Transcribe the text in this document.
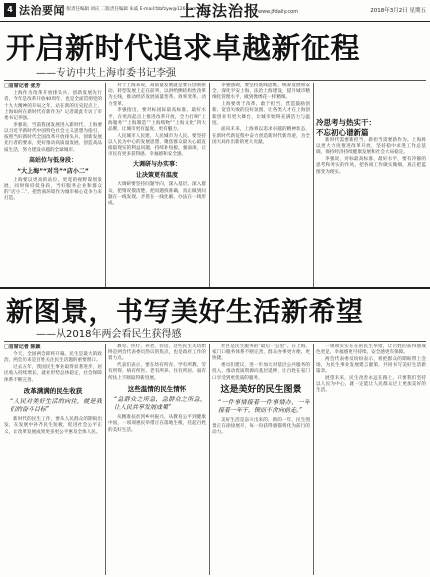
4 法治要闻
一版责任编辑 刘庆 二版责任编辑 朱戚 E-mail:fzbfzyw@126.com
上海法治报
www.jfdaily.com	2018年3月2日 星期五
开启新时代追求卓越新征程
——专访中共上海市委书记李强
□首席记者 张芳

上海作为改革开放排头兵、创新发展先行者，今年是改革开放40周年，也是全面贯彻党的十九大精神的开局之年。站在新的历史起点上，上海如何在新时代有新作为？记者就此专访了市委书记李强。

李强说，当前我国发展进入新时代，上海要以习近平新时代中国特色社会主义思想为指引，按照当好新时代全国改革开放排头兵、创新发展先行者的要求，更好推动高质量发展、创造高品质生活，努力建设卓越的全球城市。

高站位与低身段：
“大上海”“对当”“店小二”

上海要以更高的站位、更宽的视野谋划发展，同时保持低身段，当好服务企业和群众的“店小二”，把营商环境作为城市核心竞争力来打造。

对于上海来说，高质量发展就是要在创新驱动、转型发展上走在前列，以供给侧结构性改革为主线，推动经济发展质量变革、效率变革、动力变革。

李强指出，要对标国际最高标准、最好水平，在更高起点上推进改革开放，全力打响“上海服务”“上海制造”“上海购物”“上海文化”四大品牌，让城市更有温度、更有魅力。

人民城市人民建，人民城市为人民。要坚持以人民为中心的发展思想，聚焦群众最关心最直接最现实的利益问题，持续补短板、强弱项，让市民有更多获得感、幸福感和安全感。

大调研与办实事：
让决策更有温度

大调研要坚持问题导向，深入基层、深入群众，把情况摸清楚、把问题找准确，真正做到问题在一线发现、矛盾在一线化解、办法在一线形成。

李强强调，要坚持底线思维，统筹发展和安全，深化平安上海、法治上海建设，提升城市精细化管理水平，做到像绣花一样精细。

上海要勇于改革、敢于担当，营造鼓励创新、宽容失败的良好氛围，让各类人才在上海创新创业有更大舞台，让城市始终充满活力与温度。

面向未来，上海将以追求卓越的精神状态，在新时代新征程中奋力创造新时代新奇迹，为全国大局作出新的更大贡献。

冷思考与热实干：
不忘初心谱新篇

新时代需要新担当，新担当需要新作为。上海将以更大力度推进改革开放，坚持稳中求进工作总基调，保持经济持续健康发展和社会大局稳定。

李强说，对标最高标准、最好水平，要有冷静的思考和务实的作风，把各项工作做实做细，真正把蓝图变为现实。

新图景，书写美好生活新希望
——从2018年两会看民生获得感
□首席记者 陈颖

今天，全国两会即将开幕。民生是最大的政治，两会历来是百姓关注民生话题的重要窗口。

过去五年，我国民生事业取得显著进步，居民收入持续增长，就业形势总体稳定，社会保障体系不断完善。

改革满满的民生收获
“人民对美好生活的向往，就是我们的奋斗目标”

新时代的民生工作，要从人民群众的期盼出发，在发展中补齐民生短板，促进社会公平正义，让改革发展成果更多更公平惠及全体人民。

教育、医疗、养老、住房，这些民生关切始终是两会代表委员热议的焦点，也是政府工作的着力点。

代表们表示，要在幼有所育、学有所教、劳有所得、病有所医、老有所养、住有所居、弱有所扶上不断取得新进展。

这些温情的民生情怀
“急群众之所急，急群众之所急，让人民共享发展成果”

从精准扶贫到乡村振兴，从教育公平到健康中国，一项项惠民举措正在落地生根，托起百姓的美好生活。

社区是民生服务的“最后一公里”。在上海，家门口服务体系不断完善，群众办事更方便、更快捷。

委员们建议，进一步加大对基层公共服务的投入，推动优质资源向基层延伸，让百姓在家门口享受到更优质的服务。

这是美好的民生图景
“一件事情接着一件事情办，一年接着一年干，锲而不舍向前走。”

美好生活是奋斗出来的。新的一年，民生图景正在徐徐展开，每一份获得感都将化为前行的动力。

一项项实实在在的民生举措，让百姓的获得感成色更足、幸福感更可持续、安全感更有保障。

两会代表委员纷纷表示，将把群众的期盼带上会场，为民生事业发展建言献策，共同书写美好生活新篇章。

展望未来，民生改善永远在路上。只要我们坚持以人民为中心，就一定能让人民群众过上更加美好的生活。
